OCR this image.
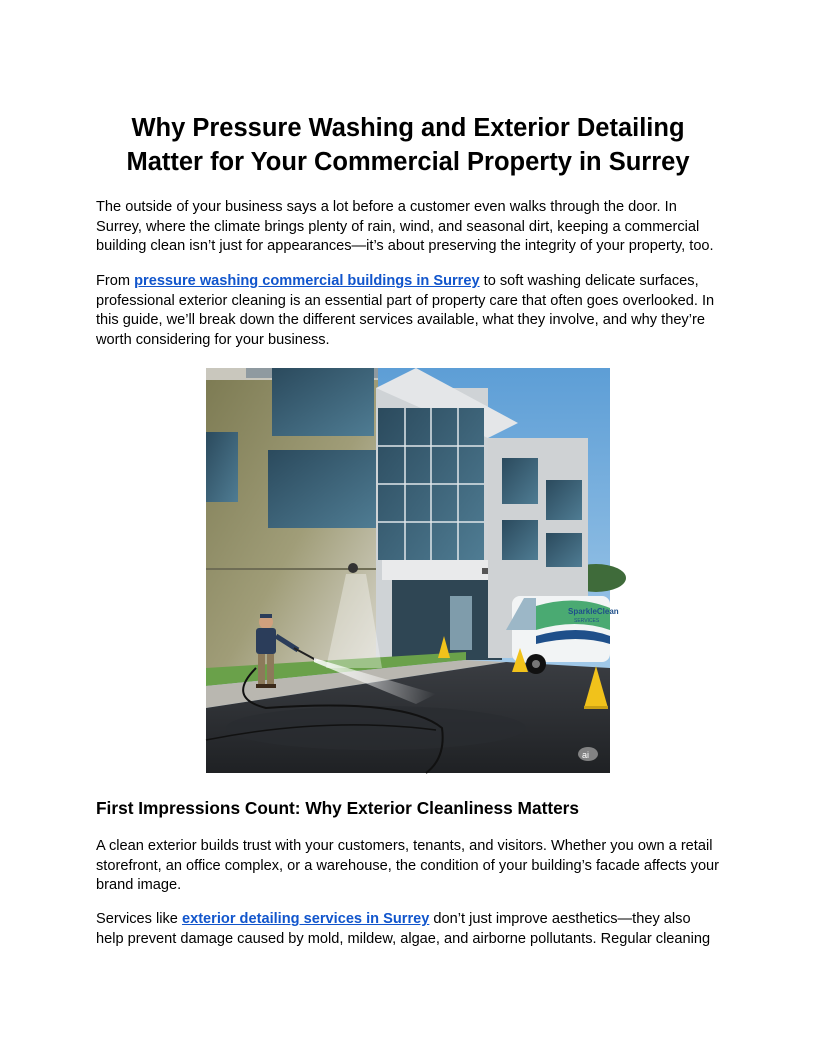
Why Pressure Washing and Exterior Detailing
Matter for Your Commercial Property in Surrey

The outside of your business says a lot before a customer even walks through the door. In Surrey, where the climate brings plenty of rain, wind, and seasonal dirt, keeping a commercial building clean isn’t just for appearances—it’s about preserving the integrity of your property, too.

From pressure washing commercial buildings in Surrey to soft washing delicate surfaces, professional exterior cleaning is an essential part of property care that often goes overlooked. In this guide, we’ll break down the different services available, what they involve, and why they’re worth considering for your business.

SparkleClean
SERVICES
ai
First Impressions Count: Why Exterior Cleanliness Matters

A clean exterior builds trust with your customers, tenants, and visitors. Whether you own a retail storefront, an office complex, or a warehouse, the condition of your building’s facade affects your brand image.

Services like exterior detailing services in Surrey don’t just improve aesthetics—they also help prevent damage caused by mold, mildew, algae, and airborne pollutants. Regular cleaning
